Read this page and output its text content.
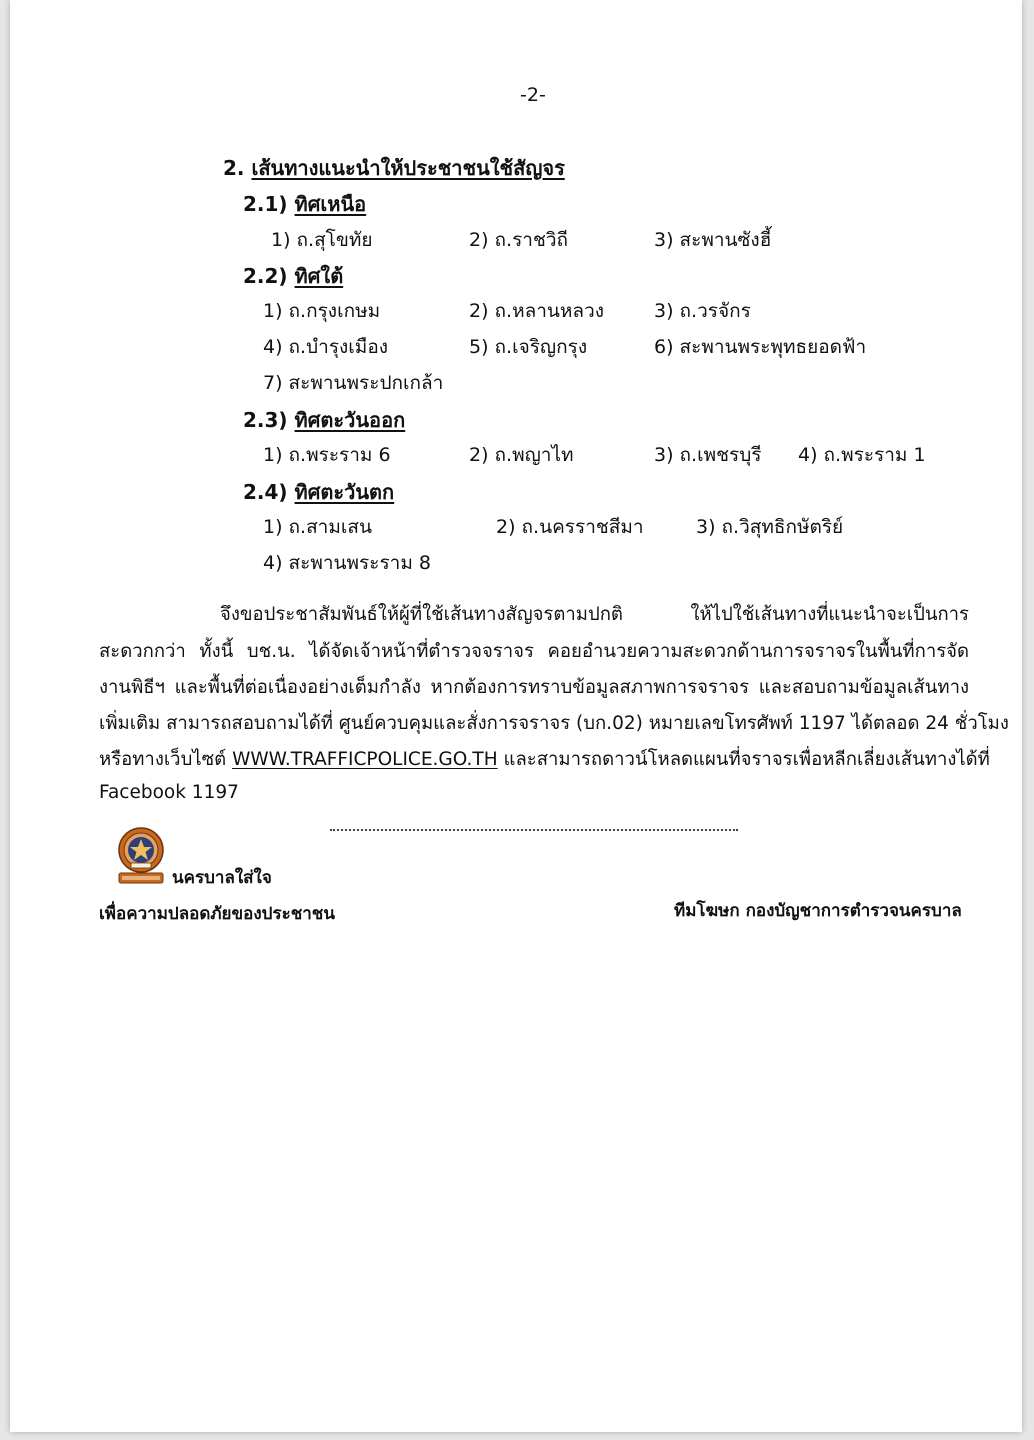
-2-
2. เส้นทางแนะนำให้ประชาชนใช้สัญจร
2.1) ทิศเหนือ
1) ถ.สุโขทัย	2) ถ.ราชวิถี	3) สะพานซังฮี้
2.2) ทิศใต้
1) ถ.กรุงเกษม	2) ถ.หลานหลวง	3) ถ.วรจักร
4) ถ.บำรุงเมือง	5) ถ.เจริญกรุง	6) สะพานพระพุทธยอดฟ้า
7) สะพานพระปกเกล้า
2.3) ทิศตะวันออก
1) ถ.พระราม 6	2) ถ.พญาไท	3) ถ.เพชรบุรี 4) ถ.พระราม 1
2.4) ทิศตะวันตก
1) ถ.สามเสน	2) ถ.นครราชสีมา	3) ถ.วิสุทธิกษัตริย์
4) สะพานพระราม 8
จึงขอประชาสัมพันธ์ให้ผู้ที่ใช้เส้นทางสัญจรตามปกติ ให้ไปใช้เส้นทางที่แนะนำจะเป็นการ
สะดวกกว่า ทั้งนี้ บช.น. ได้จัดเจ้าหน้าที่ตำรวจจราจร คอยอำนวยความสะดวกด้านการจราจรในพื้นที่การจัด
งานพิธีฯ และพื้นที่ต่อเนื่องอย่างเต็มกำลัง หากต้องการทราบข้อมูลสภาพการจราจร และสอบถามข้อมูลเส้นทาง
เพิ่มเติม สามารถสอบถามได้ที่ ศูนย์ควบคุมและสั่งการจราจร (บก.02) หมายเลขโทรศัพท์ 1197 ได้ตลอด 24 ชั่วโมง
หรือทางเว็บไซต์ WWW.TRAFFICPOLICE.GO.TH และสามารถดาวน์โหลดแผนที่จราจรเพื่อหลีกเลี่ยงเส้นทางได้ที่
Facebook 1197
นครบาลใส่ใจ
เพื่อความปลอดภัยของประชาชน	ทีมโฆษก กองบัญชาการตำรวจนครบาล
